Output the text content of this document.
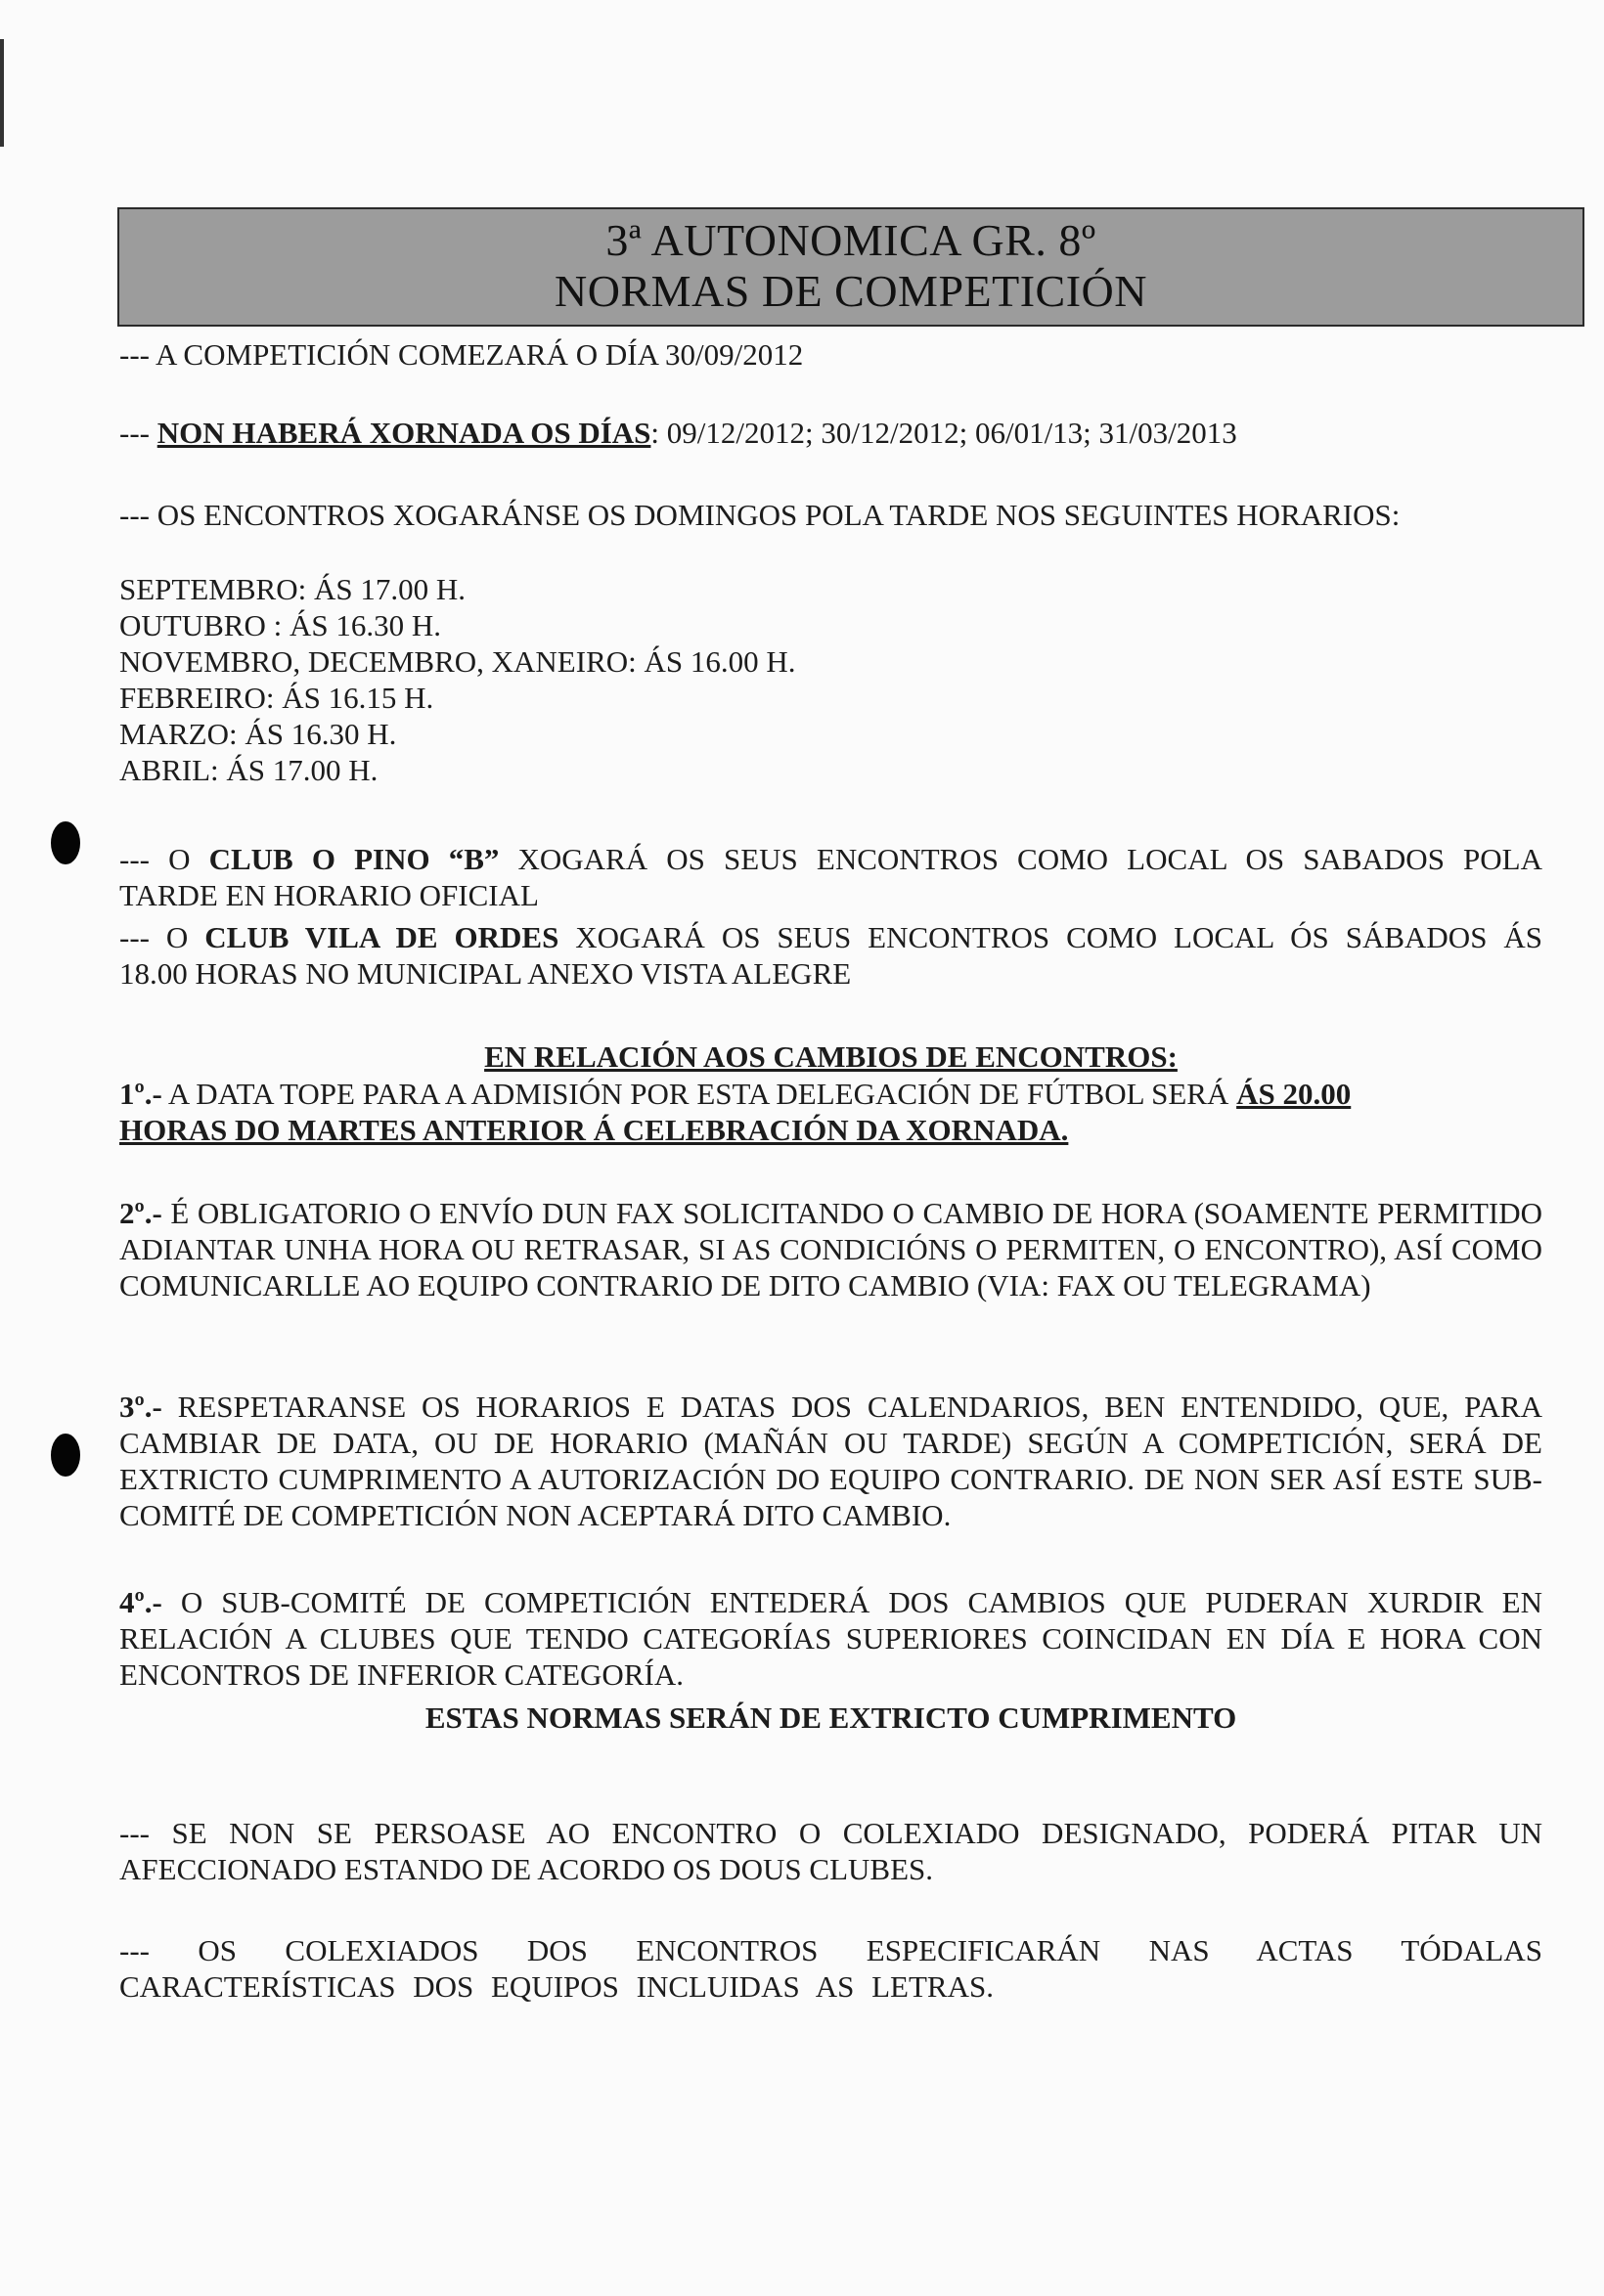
3ª AUTONOMICA GR. 8º
NORMAS DE COMPETICIÓN
--- A COMPETICIÓN COMEZARÁ O DÍA 30/09/2012
--- NON HABERÁ XORNADA OS DÍAS: 09/12/2012; 30/12/2012; 06/01/13; 31/03/2013
--- OS ENCONTROS XOGARÁNSE OS DOMINGOS POLA TARDE NOS SEGUINTES HORARIOS:
SEPTEMBRO: ÁS 17.00 H.
OUTUBRO : ÁS 16.30 H.
NOVEMBRO, DECEMBRO, XANEIRO: ÁS 16.00 H.
FEBREIRO: ÁS 16.15 H.
MARZO: ÁS 16.30 H.
ABRIL: ÁS 17.00 H.
--- O CLUB O PINO “B” XOGARÁ OS SEUS ENCONTROS COMO LOCAL OS SABADOS POLA
TARDE EN HORARIO OFICIAL
--- O CLUB VILA DE ORDES XOGARÁ OS SEUS ENCONTROS COMO LOCAL ÓS SÁBADOS ÁS
18.00 HORAS NO MUNICIPAL ANEXO VISTA ALEGRE
EN RELACIÓN AOS CAMBIOS DE ENCONTROS:
1º.- A DATA TOPE PARA A ADMISIÓN POR ESTA DELEGACIÓN DE FÚTBOL SERÁ ÁS 20.00
HORAS DO MARTES ANTERIOR Á CELEBRACIÓN DA XORNADA.
2º.- É OBLIGATORIO O ENVÍO DUN FAX SOLICITANDO O CAMBIO DE HORA (SOAMENTE PERMITIDO ADIANTAR UNHA HORA OU RETRASAR, SI AS CONDICIÓNS O PERMITEN, O ENCONTRO), ASÍ COMO COMUNICARLLE AO EQUIPO CONTRARIO DE DITO CAMBIO (VIA: FAX OU TELEGRAMA)
3º.- RESPETARANSE OS HORARIOS E DATAS DOS CALENDARIOS, BEN ENTENDIDO, QUE, PARA CAMBIAR DE DATA, OU DE HORARIO (MAÑÁN OU TARDE) SEGÚN A COMPETICIÓN, SERÁ DE EXTRICTO CUMPRIMENTO A AUTORIZACIÓN DO EQUIPO CONTRARIO. DE NON SER ASÍ ESTE SUB-COMITÉ DE COMPETICIÓN NON ACEPTARÁ DITO CAMBIO.
4º.- O SUB-COMITÉ DE COMPETICIÓN ENTEDERÁ DOS CAMBIOS QUE PUDERAN XURDIR EN RELACIÓN A CLUBES QUE TENDO CATEGORÍAS SUPERIORES COINCIDAN EN DÍA E HORA CON ENCONTROS DE INFERIOR CATEGORÍA.
ESTAS NORMAS SERÁN DE EXTRICTO CUMPRIMENTO
--- SE NON SE PERSOASE AO ENCONTRO O COLEXIADO DESIGNADO, PODERÁ PITAR UN AFECCIONADO ESTANDO DE ACORDO OS DOUS CLUBES.
--- OS COLEXIADOS DOS ENCONTROS ESPECIFICARÁN NAS ACTAS TÓDALAS CARACTERÍSTICAS DOS EQUIPOS INCLUIDAS AS LETRAS.
